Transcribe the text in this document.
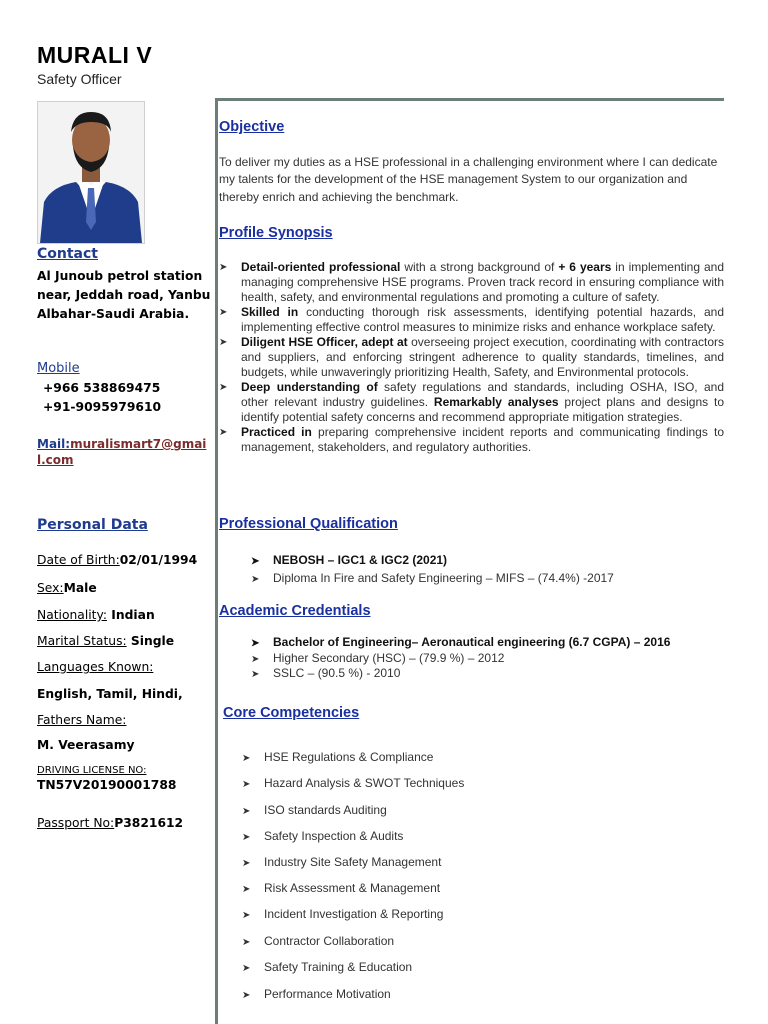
MURALI V
Safety Officer
Contact
Al Junoub petrol station near, Jeddah road, Yanbu Albahar-Saudi Arabia.
Mobile
+966 538869475
+91-9095979610
Mail:muralismart7@gmail.com
Personal Data
Date of Birth:02/01/1994
Sex:Male
Nationality: Indian
Marital Status: Single
Languages Known:
English, Tamil, Hindi,
Fathers Name:
M. Veerasamy
DRIVING LICENSE NO:
TN57V20190001788
Passport No:P3821612
Objective
To deliver my duties as a HSE professional in a challenging environment where I can dedicate my talents for the development of the HSE management System to our organization and thereby enrich and achieving the benchmark.
Profile Synopsis
➤ Detail-oriented professional with a strong background of + 6 years in implementing and managing comprehensive HSE programs. Proven track record in ensuring compliance with health, safety, and environmental regulations and promoting a culture of safety.
➤ Skilled in conducting thorough risk assessments, identifying potential hazards, and implementing effective control measures to minimize risks and enhance workplace safety.
➤ Diligent HSE Officer, adept at overseeing project execution, coordinating with contractors and suppliers, and enforcing stringent adherence to quality standards, timelines, and budgets, while unwaveringly prioritizing Health, Safety, and Environmental protocols.
➤ Deep understanding of safety regulations and standards, including OSHA, ISO, and other relevant industry guidelines. Remarkably analyses project plans and designs to identify potential safety concerns and recommend appropriate mitigation strategies.
➤ Practiced in preparing comprehensive incident reports and communicating findings to management, stakeholders, and regulatory authorities.
Professional Qualification
➤ NEBOSH – IGC1 & IGC2 (2021)
➤ Diploma In Fire and Safety Engineering – MIFS – (74.4%) -2017
Academic Credentials
➤ Bachelor of Engineering– Aeronautical engineering (6.7 CGPA) – 2016
➤ Higher Secondary (HSC) – (79.9 %) – 2012
➤ SSLC – (90.5 %) - 2010
Core Competencies
➤ HSE Regulations & Compliance
➤ Hazard Analysis & SWOT Techniques
➤ ISO standards Auditing
➤ Safety Inspection & Audits
➤ Industry Site Safety Management
➤ Risk Assessment & Management
➤ Incident Investigation & Reporting
➤ Contractor Collaboration
➤ Safety Training & Education
➤ Performance Motivation
